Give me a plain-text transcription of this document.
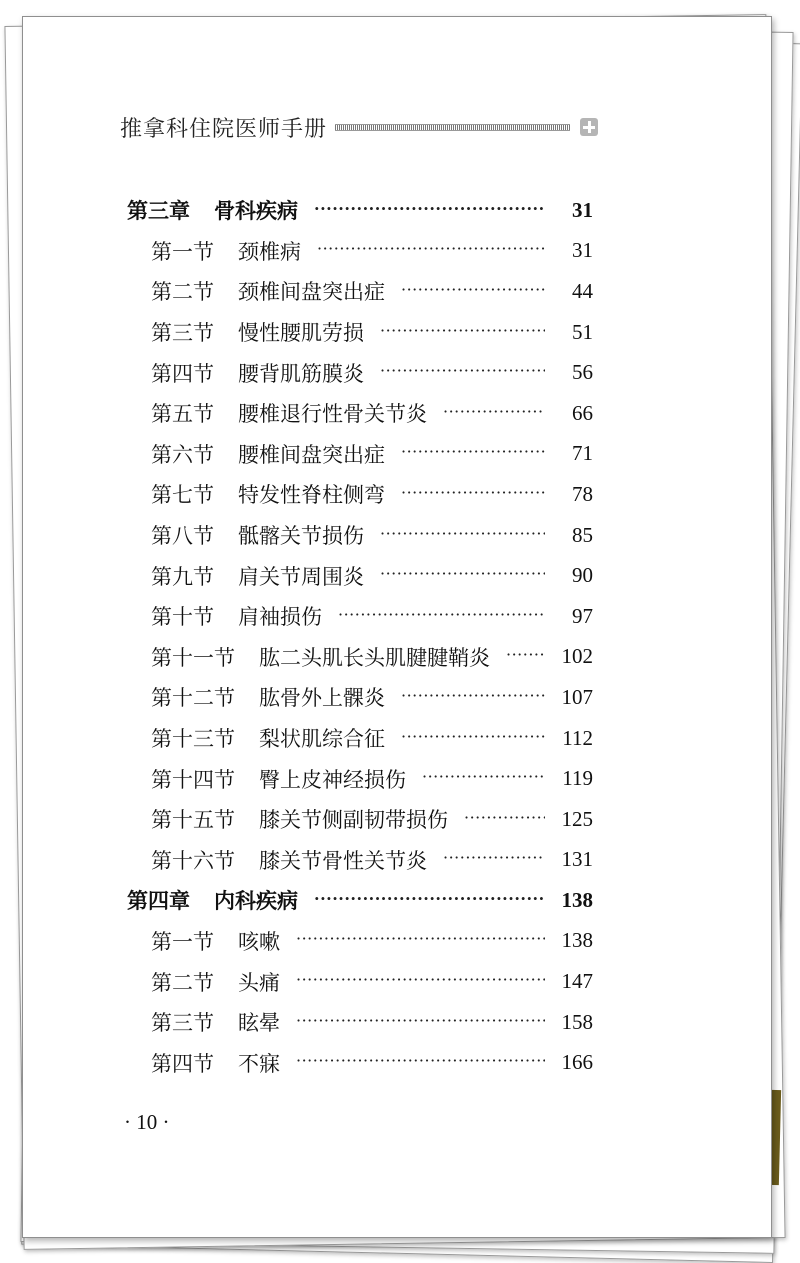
推拿科住院医师手册
第三章 骨科疾病 ·····	31
第一节 颈椎病 ·····	31
第二节 颈椎间盘突出症 ·····	44
第三节 慢性腰肌劳损 ·····	51
第四节 腰背肌筋膜炎 ·····	56
第五节 腰椎退行性骨关节炎 ·····	66
第六节 腰椎间盘突出症 ·····	71
第七节 特发性脊柱侧弯 ·····	78
第八节 骶髂关节损伤 ·····	85
第九节 肩关节周围炎 ·····	90
第十节 肩袖损伤 ·····	97
第十一节 肱二头肌长头肌腱腱鞘炎 ·····	102
第十二节 肱骨外上髁炎 ·····	107
第十三节 梨状肌综合征 ·····	112
第十四节 臀上皮神经损伤 ·····	119
第十五节 膝关节侧副韧带损伤 ·····	125
第十六节 膝关节骨性关节炎 ·····	131
第四章 内科疾病 ·····	138
第一节 咳嗽 ·····	138
第二节 头痛 ·····	147
第三节 眩晕 ·····	158
第四节 不寐 ·····	166
· 10 ·
